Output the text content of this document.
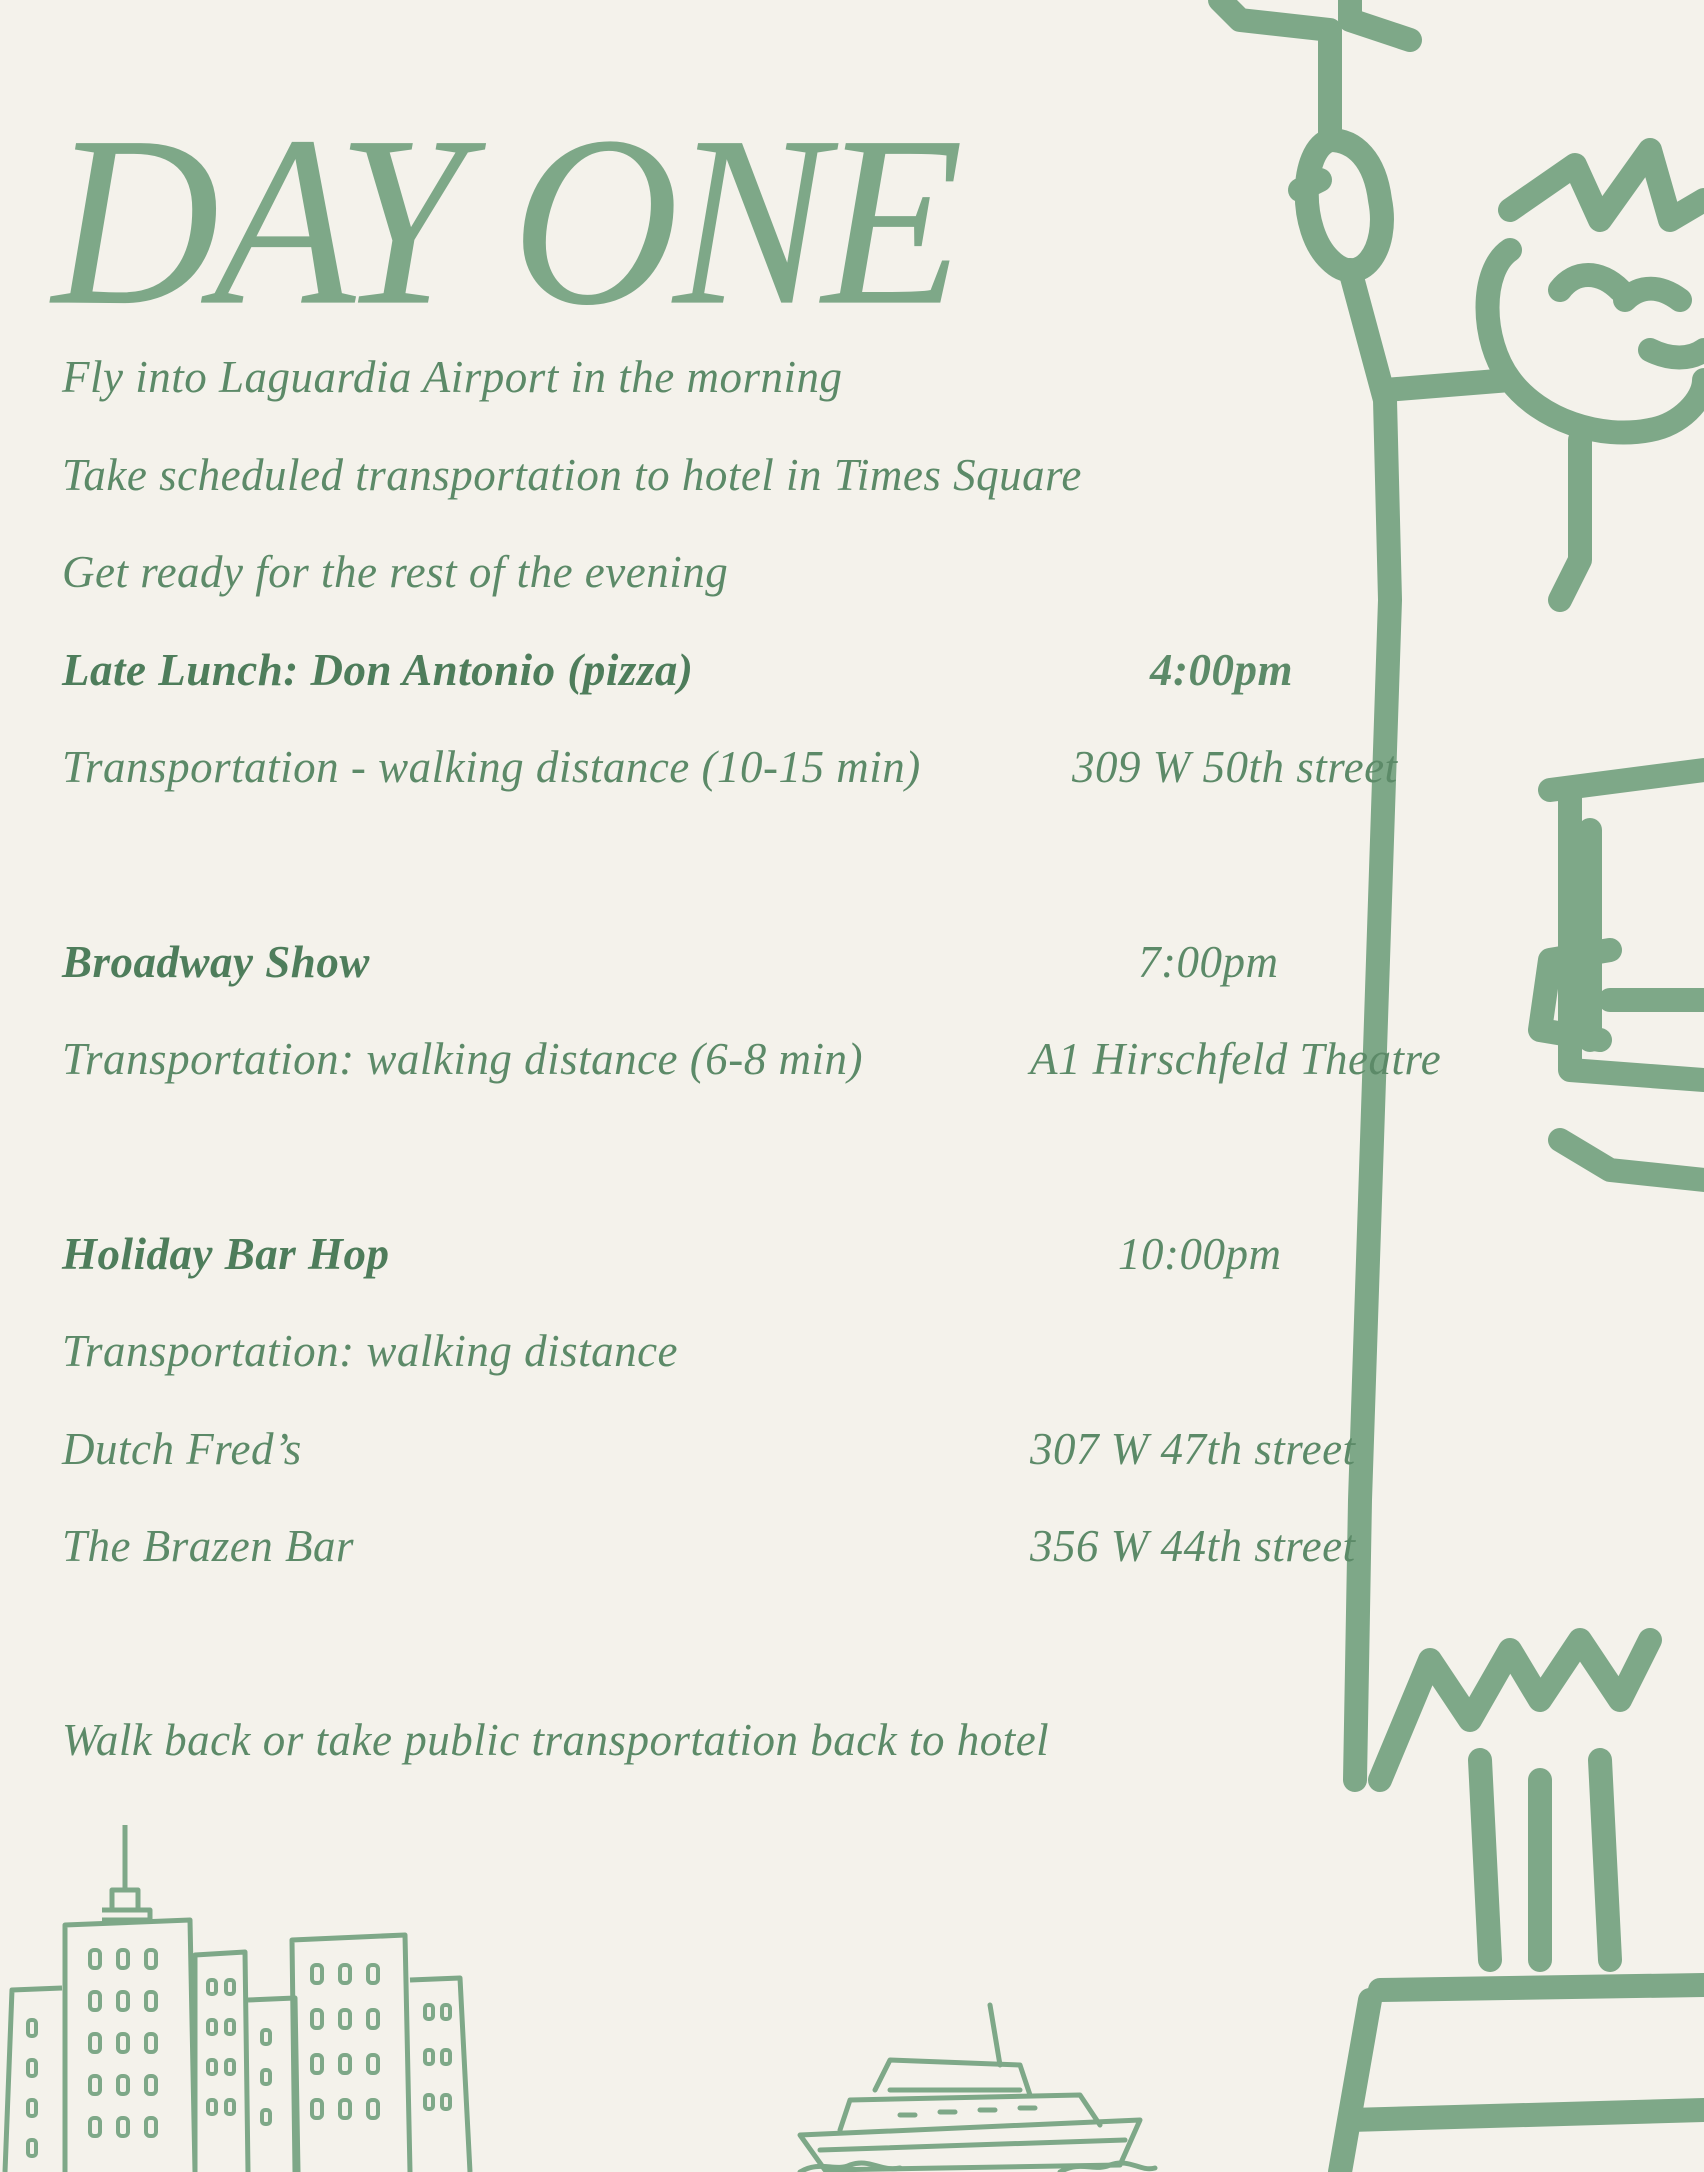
DAY ONE
Fly into Laguardia Airport in the morning
Take scheduled transportation to hotel in Times Square
Get ready for the rest of the evening
Late Lunch: Don Antonio (pizza)	4:00pm
Transportation - walking distance (10-15 min)	309 W 50th street
Broadway Show	7:00pm
Transportation: walking distance (6-8 min)	A1 Hirschfeld Theatre
Holiday Bar Hop	10:00pm
Transportation: walking distance
Dutch Fred’s	307 W 47th street
The Brazen Bar	356 W 44th street
Walk back or take public transportation back to hotel
